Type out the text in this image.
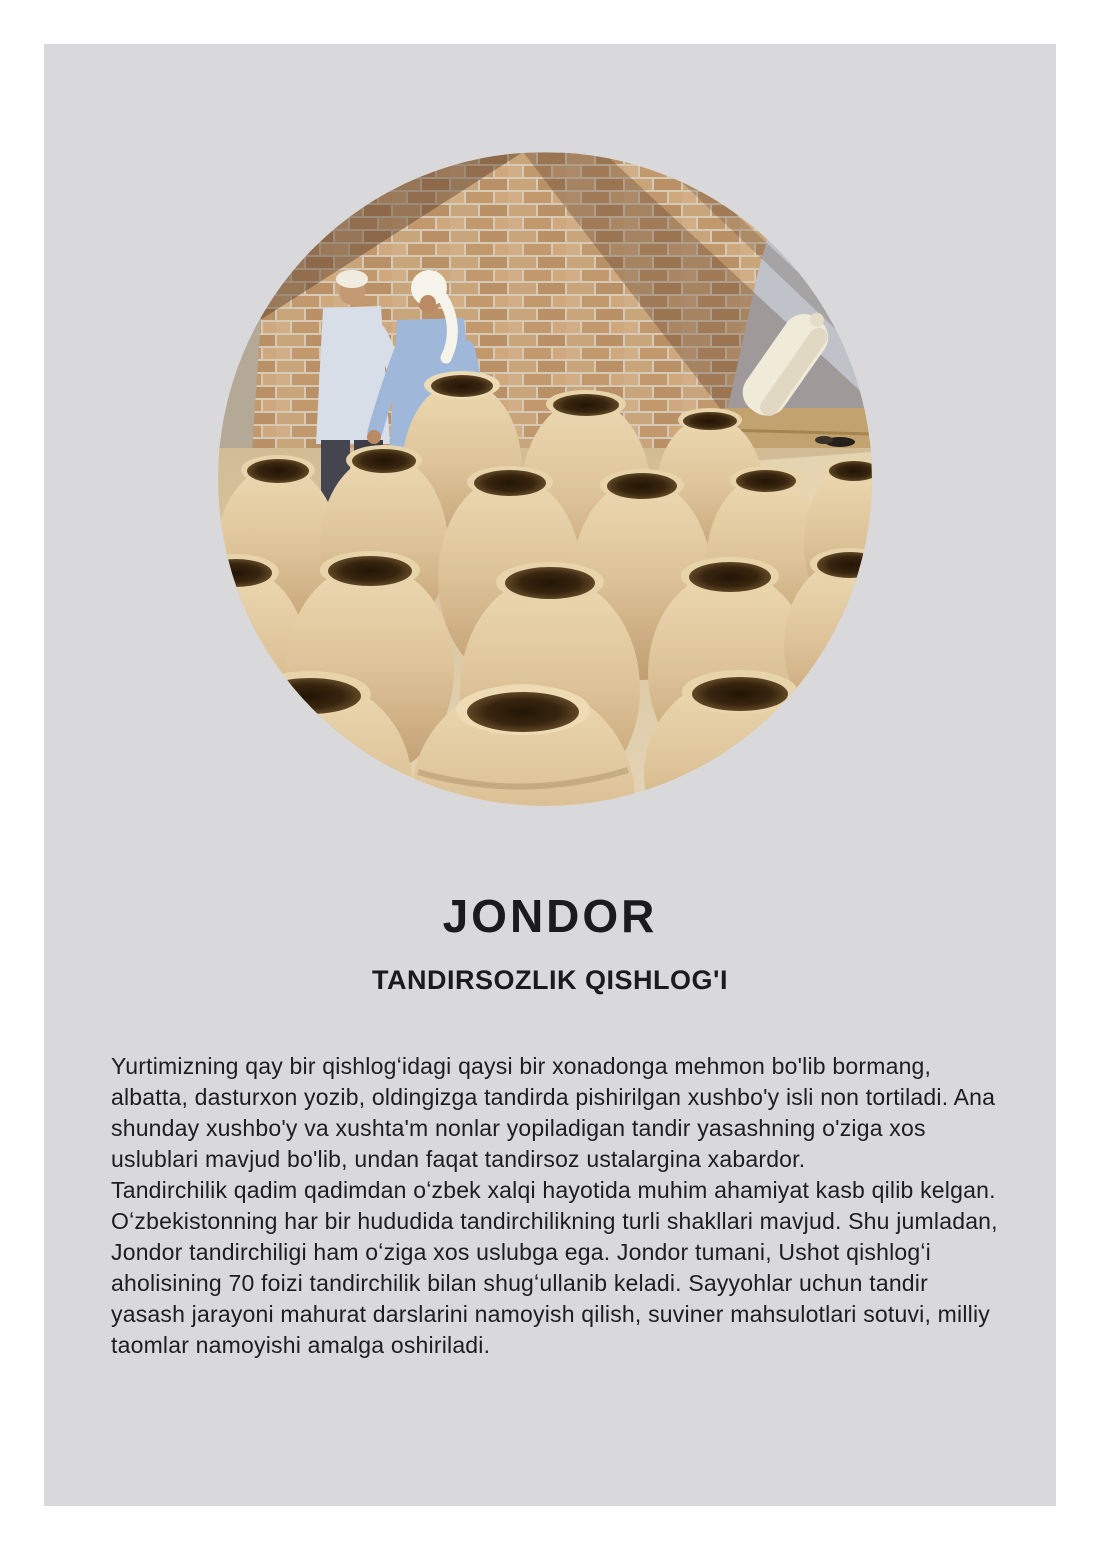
JONDOR
TANDIRSOZLIK QISHLOG'I

Yurtimizning qay bir qishlogʻidagi qaysi bir xonadonga mehmon bo'lib bormang, albatta, dasturxon yozib, oldingizga tandirda pishirilgan xushbo'y isli non tortiladi. Ana shunday xushbo'y va xushta'm nonlar yopiladigan tandir yasashning o'ziga xos uslublari mavjud bo'lib, undan faqat tandirsoz ustalargina xabardor.

Tandirchilik qadim qadimdan oʻzbek xalqi hayotida muhim ahamiyat kasb qilib kelgan. Oʻzbekistonning har bir hududida tandirchilikning turli shakllari mavjud. Shu jumladan, Jondor tandirchiligi ham oʻziga xos uslubga ega. Jondor tumani, Ushot qishlogʻi aholisining 70 foizi tandirchilik bilan shugʻullanib keladi. Sayyohlar uchun tandir yasash jarayoni mahurat darslarini namoyish qilish, suviner mahsulotlari sotuvi, milliy taomlar namoyishi amalga oshiriladi.
